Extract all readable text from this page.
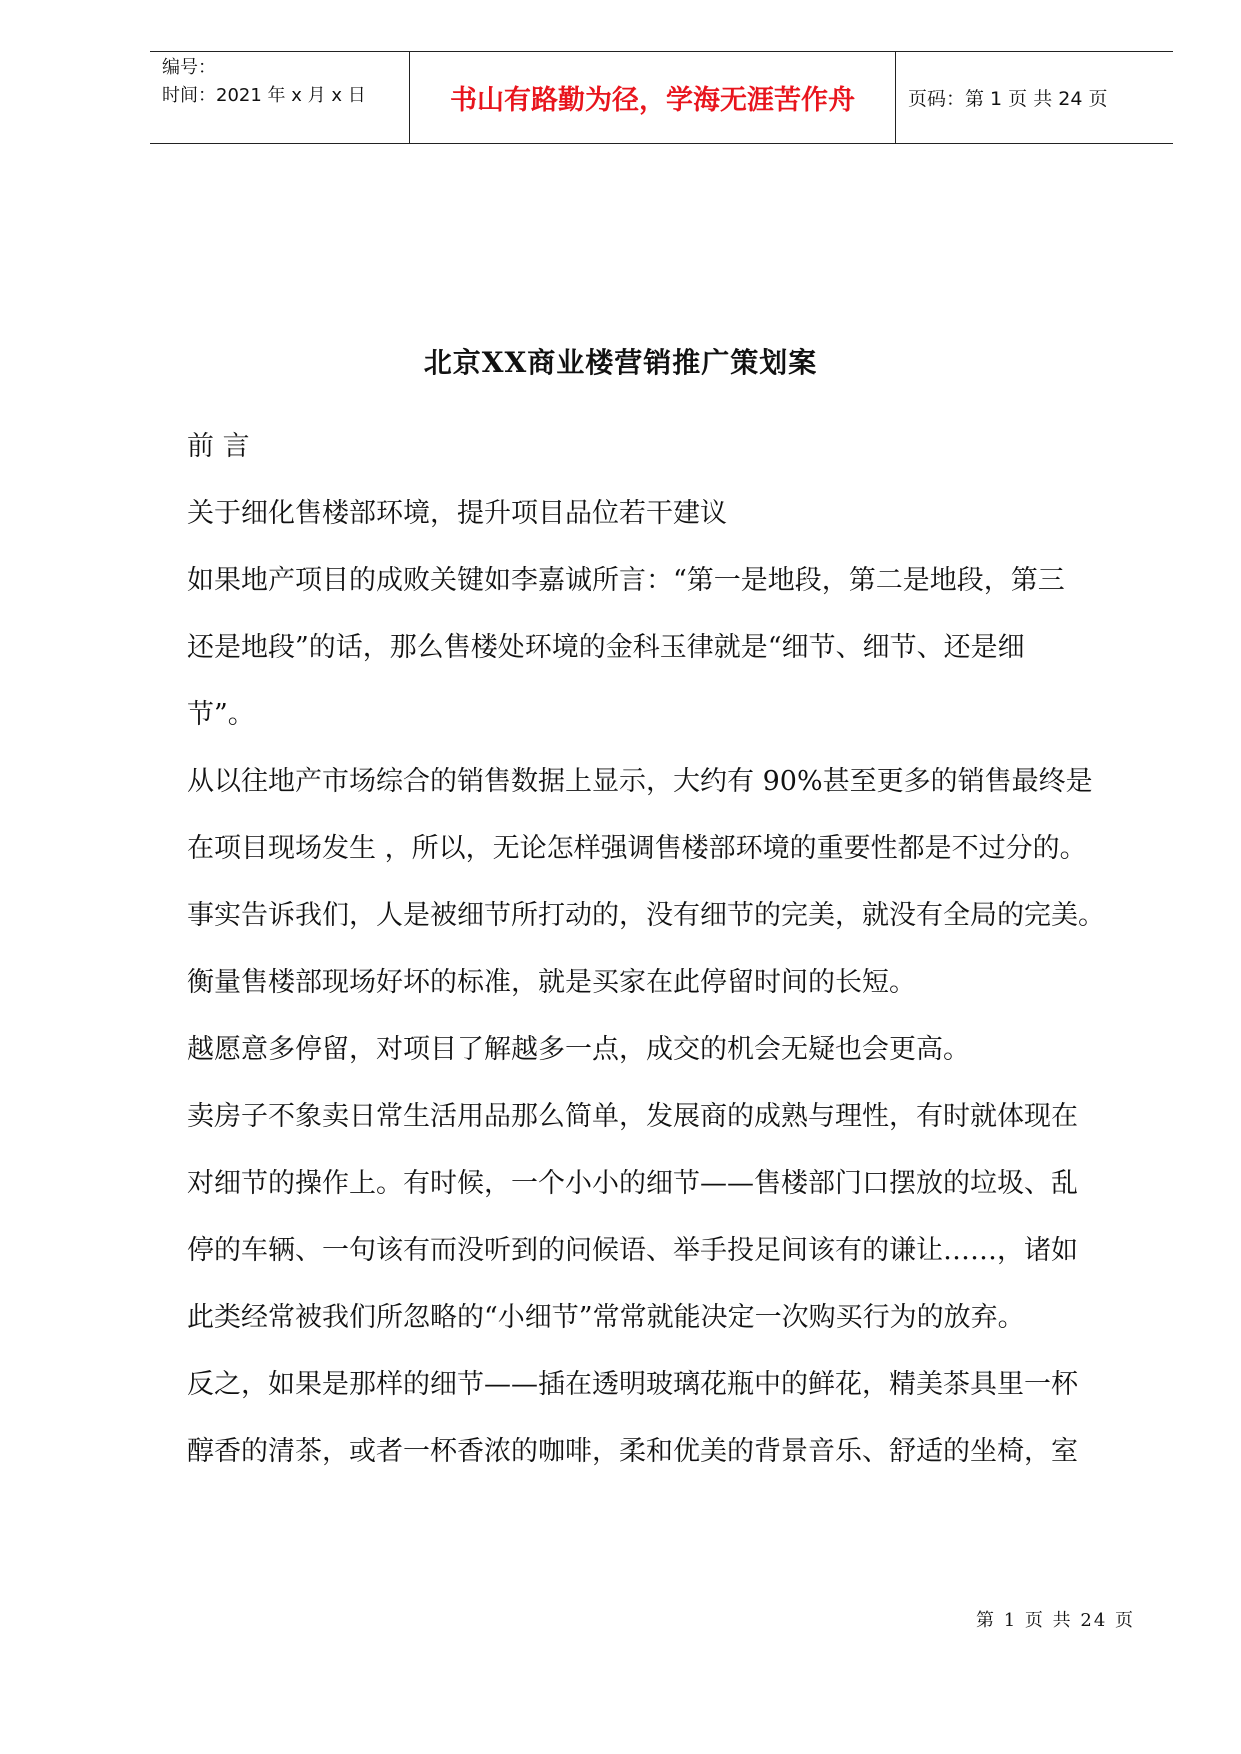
编号：
时间：2021 年 x 月 x 日	书山有路勤为径，学海无涯苦作舟	页码：第 1 页 共 24 页
北京XX商业楼营销推广策划案
前 言
关于细化售楼部环境，提升项目品位若干建议
如果地产项目的成败关键如李嘉诚所言：“第一是地段，第二是地段，第三
还是地段”的话，那么售楼处环境的金科玉律就是“细节、细节、还是细
节”。
从以往地产市场综合的销售数据上显示，大约有 90%甚至更多的销售最终是
在项目现场发生 ，所以，无论怎样强调售楼部环境的重要性都是不过分的。
事实告诉我们，人是被细节所打动的，没有细节的完美，就没有全局的完美。
衡量售楼部现场好坏的标准，就是买家在此停留时间的长短。
越愿意多停留，对项目了解越多一点，成交的机会无疑也会更高。
卖房子不象卖日常生活用品那么简单，发展商的成熟与理性，有时就体现在
对细节的操作上。有时候，一个小小的细节——售楼部门口摆放的垃圾、乱
停的车辆、一句该有而没听到的问候语、举手投足间该有的谦让……，诸如
此类经常被我们所忽略的“小细节”常常就能决定一次购买行为的放弃。
反之，如果是那样的细节——插在透明玻璃花瓶中的鲜花，精美茶具里一杯
醇香的清茶，或者一杯香浓的咖啡，柔和优美的背景音乐、舒适的坐椅，室
第 1 页 共 24 页
